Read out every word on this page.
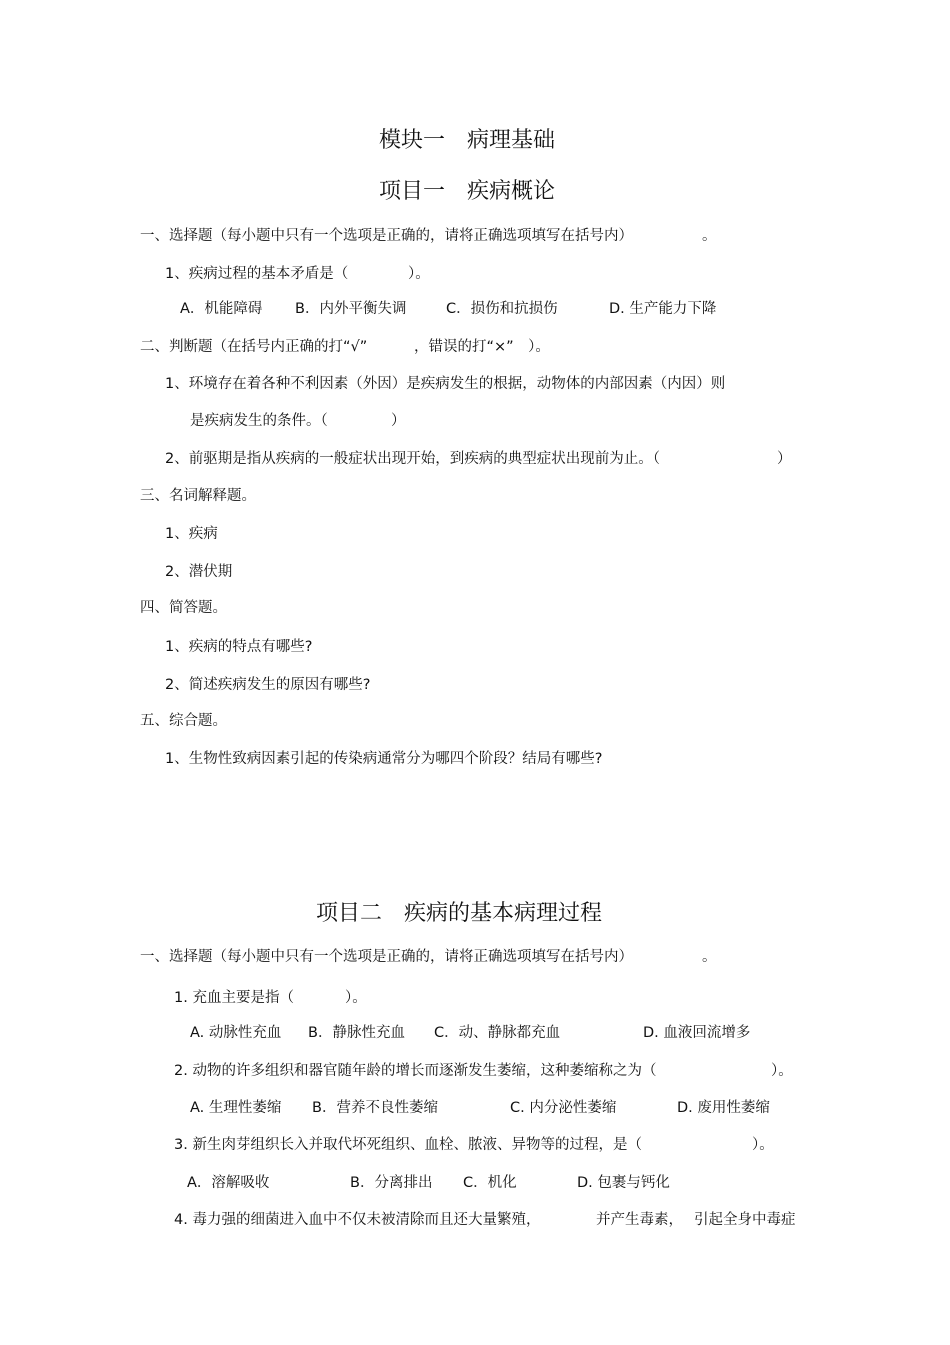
模块一　病理基础
项目一　疾病概论
一、选择题（每小题中只有一个选项是正确的，请将正确选项填写在括号内）	。
1、疾病过程的基本矛盾是（	）。
A．机能障碍 B．内外平衡失调	C．损伤和抗损伤	D. 生产能力下降
二、判断题（在括号内正确的打“√”	，错误的打“×”　）。
1、环境存在着各种不利因素（外因）是疾病发生的根据，动物体的内部因素（内因）则
是疾病发生的条件。（	）
2、前驱期是指从疾病的一般症状出现开始，到疾病的典型症状出现前为止。（	）
三、名词解释题。
1、疾病
2、潜伏期
四、简答题。
1、疾病的特点有哪些?
2、简述疾病发生的原因有哪些?
五、综合题。
1、生物性致病因素引起的传染病通常分为哪四个阶段？结局有哪些?
项目二　疾病的基本病理过程
一、选择题（每小题中只有一个选项是正确的，请将正确选项填写在括号内）	。
1. 充血主要是指（	）。
A. 动脉性充血 B．静脉性充血 C．动、静脉都充血	D. 血液回流增多
2. 动物的许多组织和器官随年龄的增长而逐渐发生萎缩，这种萎缩称之为（	）。
A. 生理性萎缩 B．营养不良性萎缩	C. 内分泌性萎缩	D. 废用性萎缩
3. 新生肉芽组织长入并取代坏死组织、血栓、脓液、异物等的过程，是（	）。
A．溶解吸收	B．分离排出 C．机化	D. 包裹与钙化
4. 毒力强的细菌进入血中不仅未被清除而且还大量繁殖，	并产生毒素， 引起全身中毒症
